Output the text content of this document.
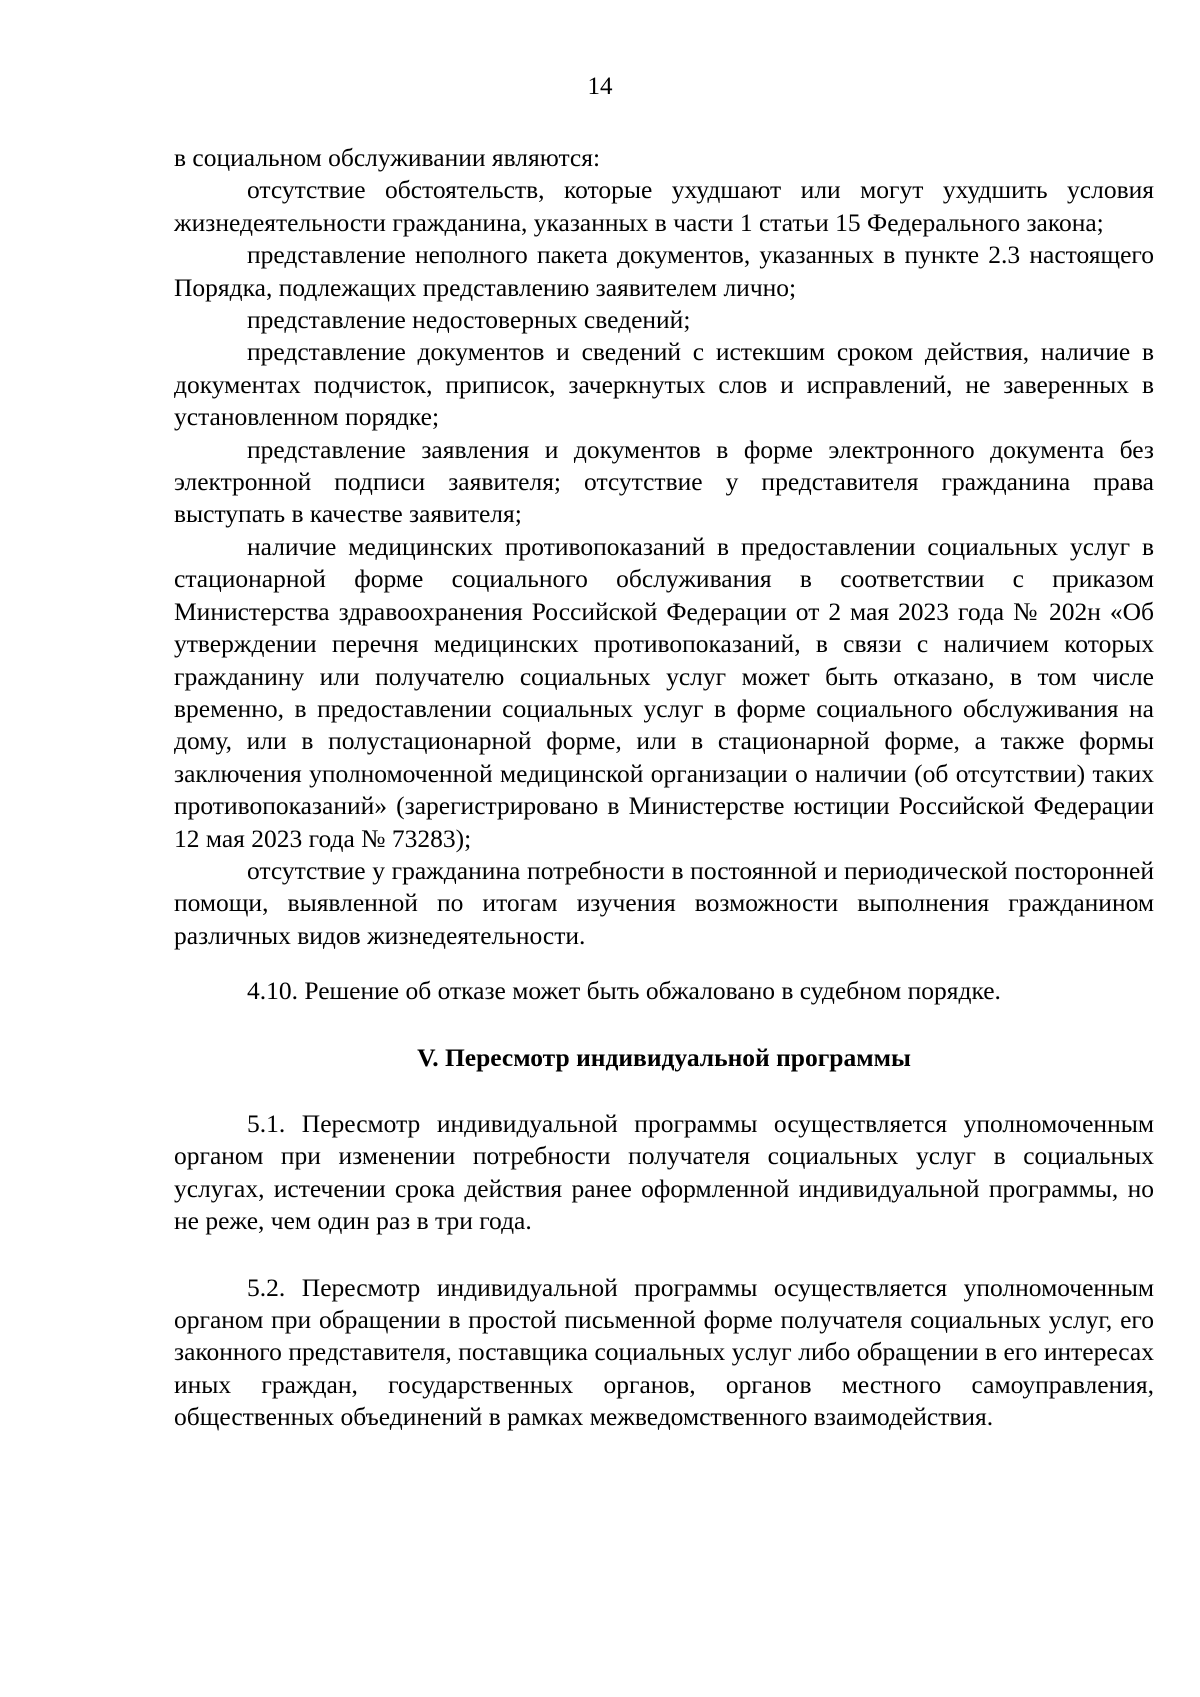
14

в социальном обслуживании являются:

отсутствие обстоятельств, которые ухудшают или могут ухудшить условия жизнедеятельности гражданина, указанных в части 1 статьи 15 Федерального закона;

представление неполного пакета документов, указанных в пункте 2.3 настоящего Порядка, подлежащих представлению заявителем лично;

представление недостоверных сведений;

представление документов и сведений с истекшим сроком действия, наличие в документах подчисток, приписок, зачеркнутых слов и исправлений, не заверенных в установленном порядке;

представление заявления и документов в форме электронного документа без электронной подписи заявителя; отсутствие у представителя гражданина права выступать в качестве заявителя;

наличие медицинских противопоказаний в предоставлении социальных услуг в стационарной форме социального обслуживания в соответствии с приказом Министерства здравоохранения Российской Федерации от 2 мая 2023 года № 202н «Об утверждении перечня медицинских противопоказаний, в связи с наличием которых гражданину или получателю социальных услуг может быть отказано, в том числе временно, в предоставлении социальных услуг в форме социального обслуживания на дому, или в полустационарной форме, или в стационарной форме, а также формы заключения уполномоченной медицинской организации о наличии (об отсутствии) таких противопоказаний» (зарегистрировано в Министерстве юстиции Российской Федерации 12 мая 2023 года № 73283);

отсутствие у гражданина потребности в постоянной и периодической посторонней помощи, выявленной по итогам изучения возможности выполнения гражданином различных видов жизнедеятельности.

4.10. Решение об отказе может быть обжаловано в судебном порядке.

V. Пересмотр индивидуальной программы

5.1. Пересмотр индивидуальной программы осуществляется уполномоченным органом при изменении потребности получателя социальных услуг в социальных услугах, истечении срока действия ранее оформленной индивидуальной программы, но не реже, чем один раз в три года.

5.2. Пересмотр индивидуальной программы осуществляется уполномоченным органом при обращении в простой письменной форме получателя социальных услуг, его законного представителя, поставщика социальных услуг либо обращении в его интересах иных граждан, государственных органов, органов местного самоуправления, общественных объединений в рамках межведомственного взаимодействия.
